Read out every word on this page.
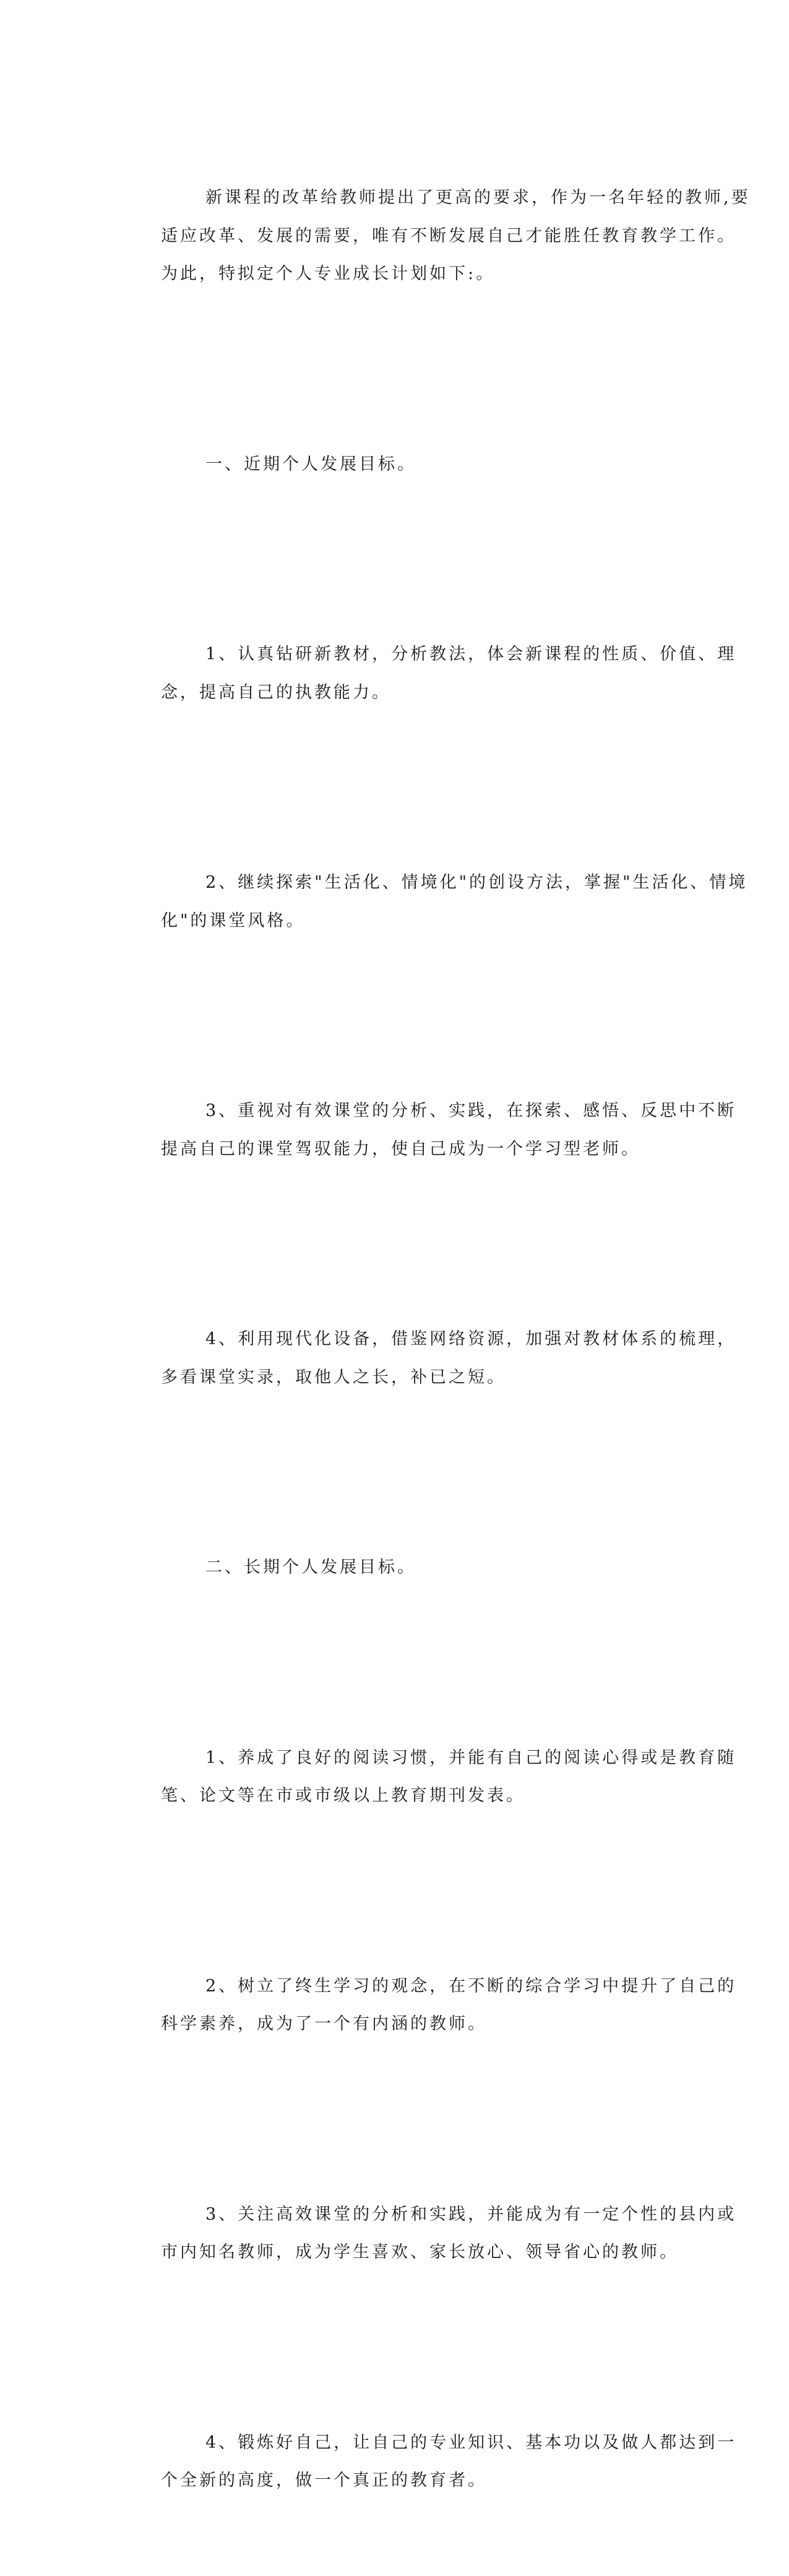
新课程的改革给教师提出了更高的要求，作为一名年轻的教师,要
适应改革、发展的需要，唯有不断发展自己才能胜任教育教学工作。
为此，特拟定个人专业成长计划如下:。

一、近期个人发展目标。

1、认真钻研新教材，分析教法，体会新课程的性质、价值、理
念，提高自己的执教能力。

2、继续探索"生活化、情境化"的创设方法，掌握"生活化、情境
化"的课堂风格。

3、重视对有效课堂的分析、实践，在探索、感悟、反思中不断
提高自己的课堂驾驭能力，使自己成为一个学习型老师。

4、利用现代化设备，借鉴网络资源，加强对教材体系的梳理，
多看课堂实录，取他人之长，补已之短。

二、长期个人发展目标。

1、养成了良好的阅读习惯，并能有自己的阅读心得或是教育随
笔、论文等在市或市级以上教育期刊发表。

2、树立了终生学习的观念，在不断的综合学习中提升了自己的
科学素养，成为了一个有内涵的教师。

3、关注高效课堂的分析和实践，并能成为有一定个性的县内或
市内知名教师，成为学生喜欢、家长放心、领导省心的教师。

4、锻炼好自己，让自己的专业知识、基本功以及做人都达到一
个全新的高度，做一个真正的教育者。
